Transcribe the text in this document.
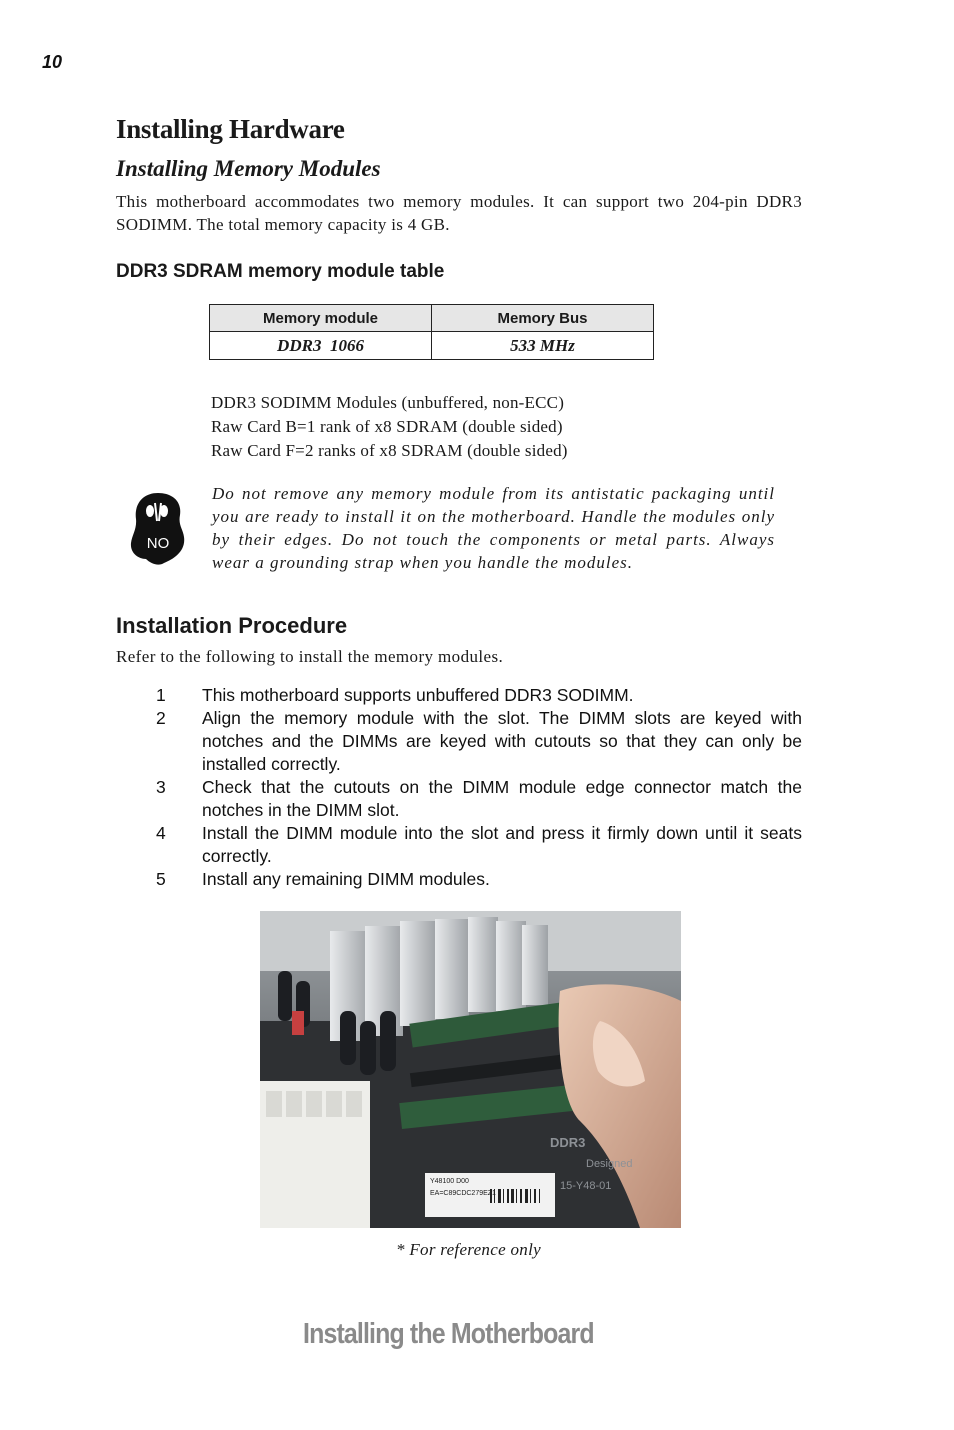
10
Installing Hardware
Installing Memory Modules
This motherboard accommodates two memory modules. It can support two 204-pin DDR3 SODIMM. The total memory capacity is 4 GB.
DDR3 SDRAM memory module table
Memory module	Memory Bus
DDR3  1066	533 MHz
DDR3 SODIMM Modules (unbuffered, non-ECC)
Raw Card B=1 rank of x8 SDRAM (double sided)
Raw Card F=2 ranks of x8 SDRAM (double sided)
NO
Do not remove any memory module from its antistatic packaging until you are ready to install it on the motherboard. Handle the modules only by their edges. Do not touch the components or metal parts. Always wear a grounding strap when you handle the modules.
Installation Procedure
Refer to the following to install the memory modules.
1 This motherboard supports unbuffered DDR3 SODIMM.
2 Align the memory module with the slot. The DIMM slots are keyed with notches and the DIMMs are keyed with cutouts so that they can only be installed correctly.
3 Check that the cutouts on the DIMM module edge connector match the notches in the DIMM slot.
4 Install the DIMM module into the slot and press it firmly down until it seats correctly.
5 Install any remaining DIMM modules.
Y48100 D00
EA=C89CDC279EZ1
DDR3
Designed
15-Y48-01
* For reference only
Installing the Motherboard
